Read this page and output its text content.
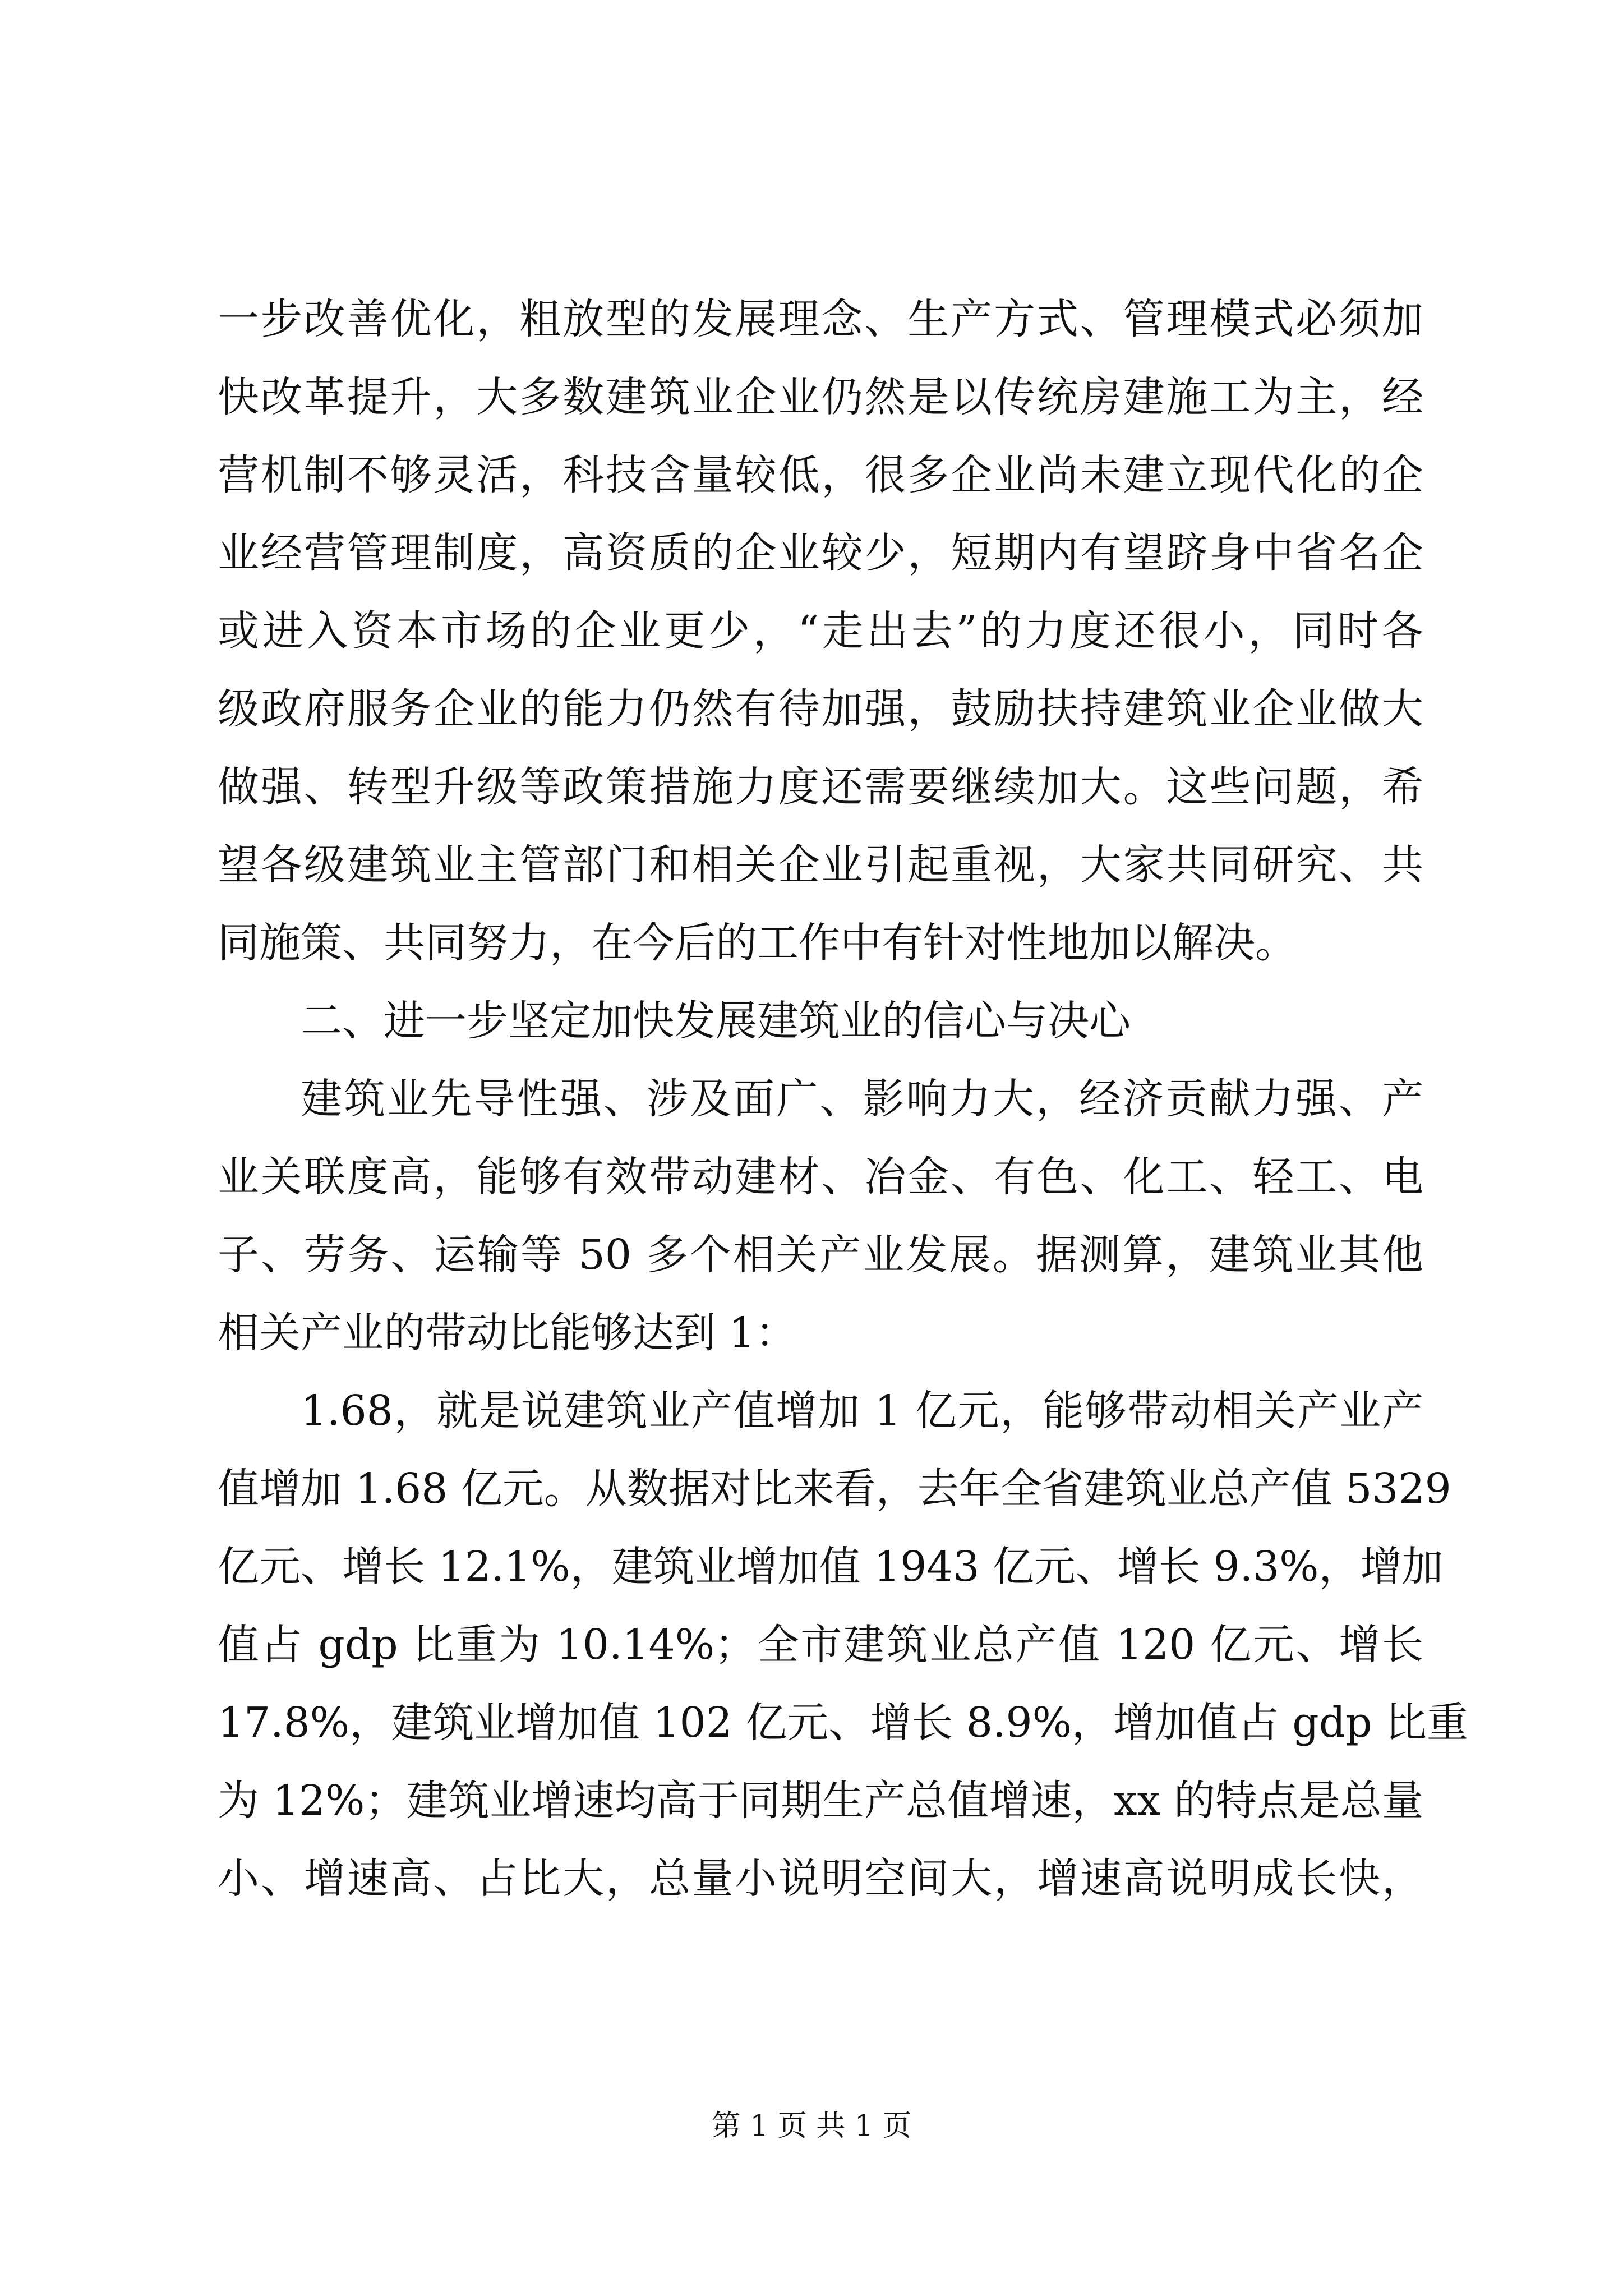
一步改善优化，粗放型的发展理念、生产方式、管理模式必须加
快改革提升，大多数建筑业企业仍然是以传统房建施工为主，经
营机制不够灵活，科技含量较低，很多企业尚未建立现代化的企
业经营管理制度，高资质的企业较少，短期内有望跻身中省名企
或进入资本市场的企业更少，“走出去”的力度还很小，同时各
级政府服务企业的能力仍然有待加强，鼓励扶持建筑业企业做大
做强、转型升级等政策措施力度还需要继续加大。这些问题，希
望各级建筑业主管部门和相关企业引起重视，大家共同研究、共
同施策、共同努力，在今后的工作中有针对性地加以解决。
二、进一步坚定加快发展建筑业的信心与决心
建筑业先导性强、涉及面广、影响力大，经济贡献力强、产
业关联度高，能够有效带动建材、冶金、有色、化工、轻工、电
子、劳务、运输等 50 多个相关产业发展。据测算，建筑业其他
相关产业的带动比能够达到 1：
1.68，就是说建筑业产值增加 1 亿元，能够带动相关产业产
值增加 1.68 亿元。从数据对比来看，去年全省建筑业总产值 5329
亿元、增长 12.1%，建筑业增加值 1943 亿元、增长 9.3%，增加
值占 gdp 比重为 10.14%；全市建筑业总产值 120 亿元、增长
17.8%，建筑业增加值 102 亿元、增长 8.9%，增加值占 gdp 比重
为 12%；建筑业增速均高于同期生产总值增速，xx 的特点是总量
小、增速高、占比大，总量小说明空间大，增速高说明成长快，
第 1 页 共 1 页
